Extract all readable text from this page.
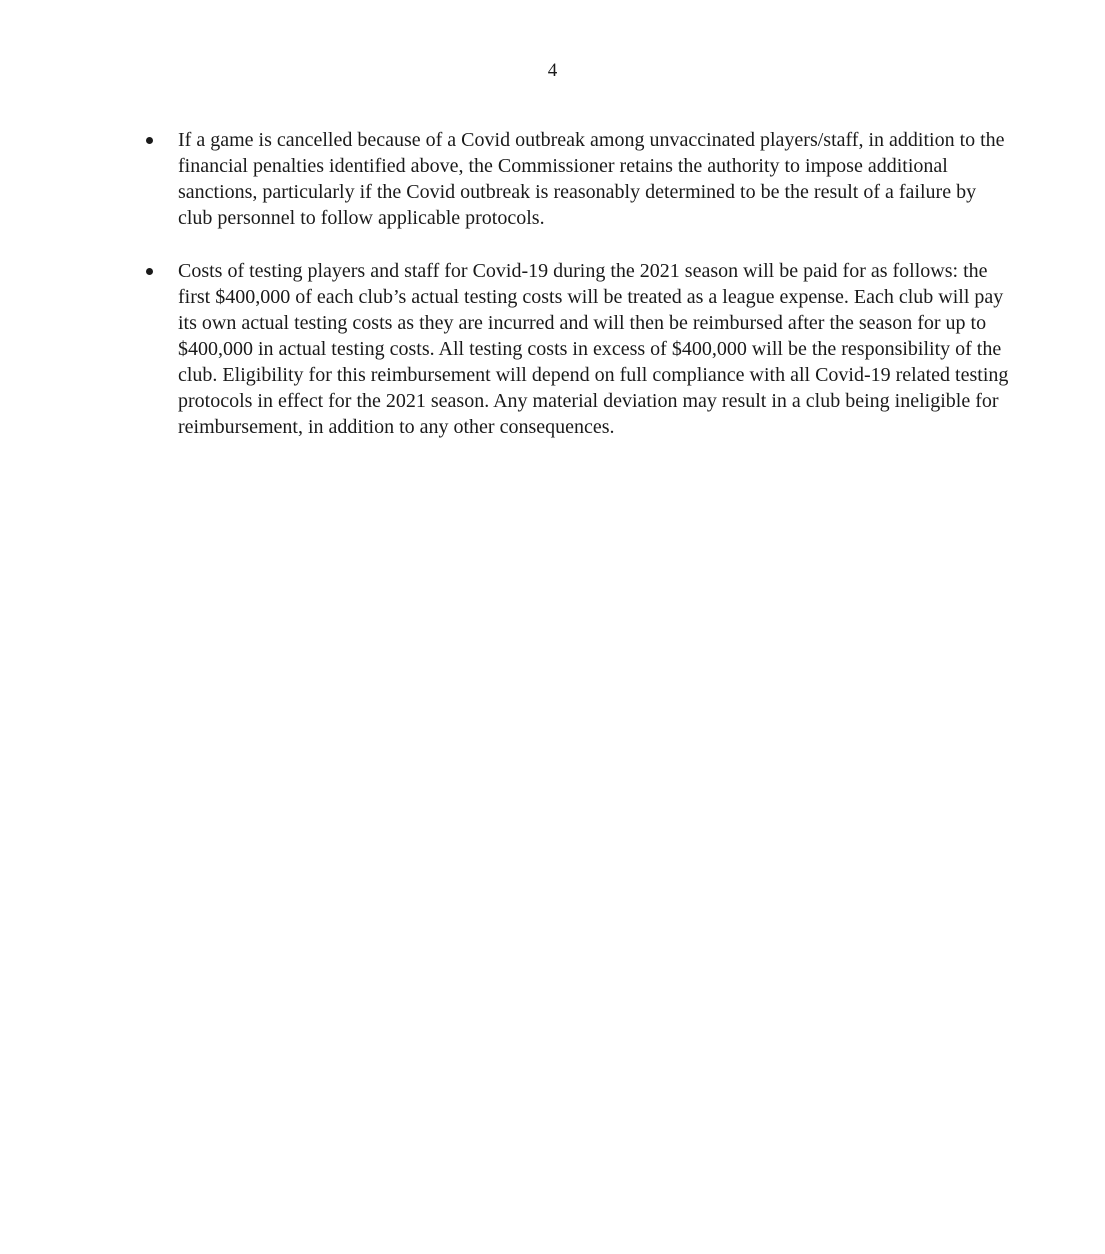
4
If a game is cancelled because of a Covid outbreak among unvaccinated players/staff, in addition to the financial penalties identified above, the Commissioner retains the authority to impose additional sanctions, particularly if the Covid outbreak is reasonably determined to be the result of a failure by club personnel to follow applicable protocols.
Costs of testing players and staff for Covid-19 during the 2021 season will be paid for as follows: the first $400,000 of each club’s actual testing costs will be treated as a league expense. Each club will pay its own actual testing costs as they are incurred and will then be reimbursed after the season for up to $400,000 in actual testing costs. All testing costs in excess of $400,000 will be the responsibility of the club. Eligibility for this reimbursement will depend on full compliance with all Covid-19 related testing protocols in effect for the 2021 season. Any material deviation may result in a club being ineligible for reimbursement, in addition to any other consequences.
